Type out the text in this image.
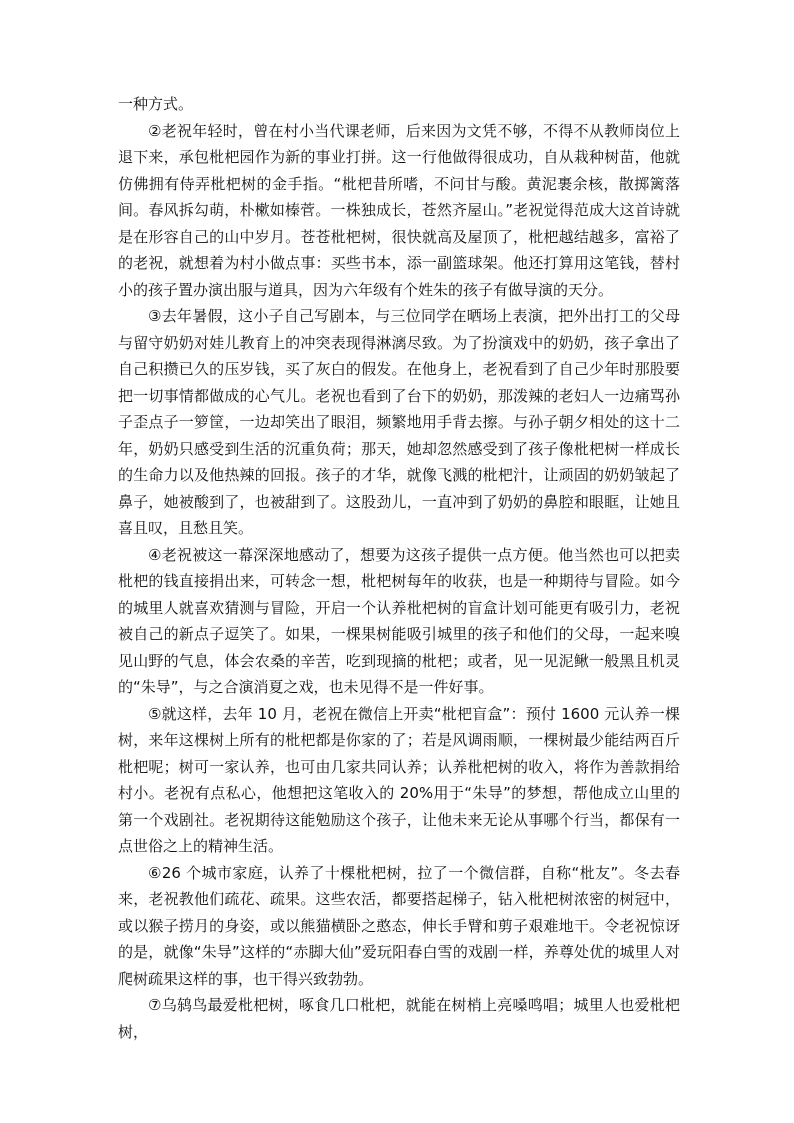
一种方式。

②老祝年轻时，曾在村小当代课老师，后来因为文凭不够，不得不从教师岗位上退下来，承包枇杷园作为新的事业打拼。这一行他做得很成功，自从栽种树苗，他就仿佛拥有侍弄枇杷树的金手指。“枇杷昔所嗜，不问甘与酸。黄泥裹余核，散掷篱落间。春风拆勾萌，朴樕如榛菅。一株独成长，苍然齐屋山。”老祝觉得范成大这首诗就是在形容自己的山中岁月。苍苍枇杷树，很快就高及屋顶了，枇杷越结越多，富裕了的老祝，就想着为村小做点事：买些书本，添一副篮球架。他还打算用这笔钱，替村小的孩子置办演出服与道具，因为六年级有个姓朱的孩子有做导演的天分。

③去年暑假，这小子自己写剧本，与三位同学在晒场上表演，把外出打工的父母与留守奶奶对娃儿教育上的冲突表现得淋漓尽致。为了扮演戏中的奶奶，孩子拿出了自己积攒已久的压岁钱，买了灰白的假发。在他身上，老祝看到了自己少年时那股要把一切事情都做成的心气儿。老祝也看到了台下的奶奶，那泼辣的老妇人一边痛骂孙子歪点子一箩筐，一边却笑出了眼泪，频繁地用手背去擦。与孙子朝夕相处的这十二年，奶奶只感受到生活的沉重负荷；那天，她却忽然感受到了孩子像枇杷树一样成长的生命力以及他热辣的回报。孩子的才华，就像飞溅的枇杷汁，让顽固的奶奶皱起了鼻子，她被酸到了，也被甜到了。这股劲儿，一直冲到了奶奶的鼻腔和眼眶，让她且喜且叹，且愁且笑。

④老祝被这一幕深深地感动了，想要为这孩子提供一点方便。他当然也可以把卖枇杷的钱直接捐出来，可转念一想，枇杷树每年的收获，也是一种期待与冒险。如今的城里人就喜欢猜测与冒险，开启一个认养枇杷树的盲盒计划可能更有吸引力，老祝被自己的新点子逗笑了。如果，一棵果树能吸引城里的孩子和他们的父母，一起来嗅见山野的气息，体会农桑的辛苦，吃到现摘的枇杷；或者，见一见泥鳅一般黑且机灵的“朱导”，与之合演消夏之戏，也未见得不是一件好事。

⑤就这样，去年 10 月，老祝在微信上开卖“枇杷盲盒”：预付 1600 元认养一棵树，来年这棵树上所有的枇杷都是你家的了；若是风调雨顺，一棵树最少能结两百斤枇杷呢；树可一家认养，也可由几家共同认养；认养枇杷树的收入，将作为善款捐给村小。老祝有点私心，他想把这笔收入的 20%用于“朱导”的梦想，帮他成立山里的第一个戏剧社。老祝期待这能勉励这个孩子，让他未来无论从事哪个行当，都保有一点世俗之上的精神生活。

⑥26 个城市家庭，认养了十棵枇杷树，拉了一个微信群，自称“枇友”。冬去春来，老祝教他们疏花、疏果。这些农活，都要搭起梯子，钻入枇杷树浓密的树冠中，或以猴子捞月的身姿，或以熊猫横卧之憨态，伸长手臂和剪子艰难地干。令老祝惊讶的是，就像“朱导”这样的“赤脚大仙”爱玩阳春白雪的戏剧一样，养尊处优的城里人对爬树疏果这样的事，也干得兴致勃勃。

⑦乌鸫鸟最爱枇杷树，啄食几口枇杷，就能在树梢上亮嗓鸣唱；城里人也爱枇杷树，
